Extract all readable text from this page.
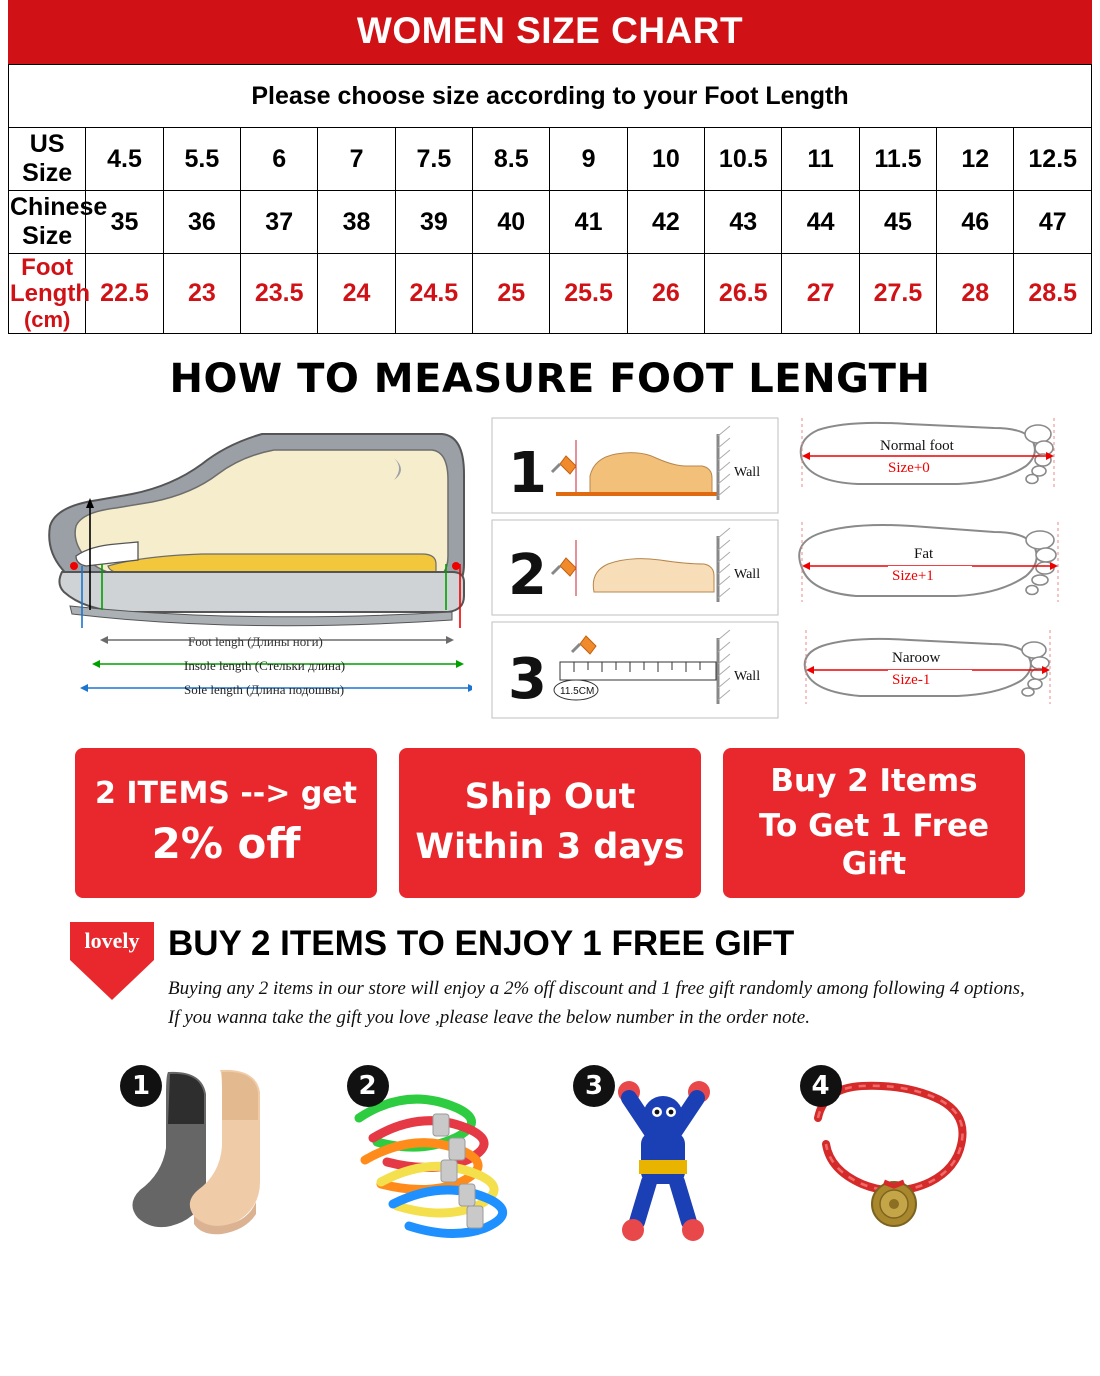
WOMEN SIZE CHART
Please choose size according to your Foot Length													
US Size	4.5	5.5	6	7	7.5	8.5	9	10	10.5	11	11.5	12	12.5
Chinese Size	35	36	37	38	39	40	41	42	43	44	45	46	47
Foot Length
(cm)	22.5	23	23.5	24	24.5	25	25.5	26	26.5	27	27.5	28	28.5
HOW TO MEASURE FOOT LENGTH
Foot lengh (Длины ноги)
Insole length (Стельки длина)
Sole length (Длина подошвы)
1	Wall
2	Wall
3 11.5CM
Wall
Normal foot
Size+0
Fat
Size+1
Naroow
Size-1
2 ITEMS --> get
2% off
Ship Out
Within 3 days
Buy 2 Items
To Get 1 Free Gift
lovely BUY 2 ITEMS TO ENJOY 1 FREE GIFT
Buying any 2 items in our store will enjoy a 2% off discount and 1 free gift randomly among following 4 options,
If you wanna take the gift you love ,please leave the below number in the order note.
1	2	3	4
